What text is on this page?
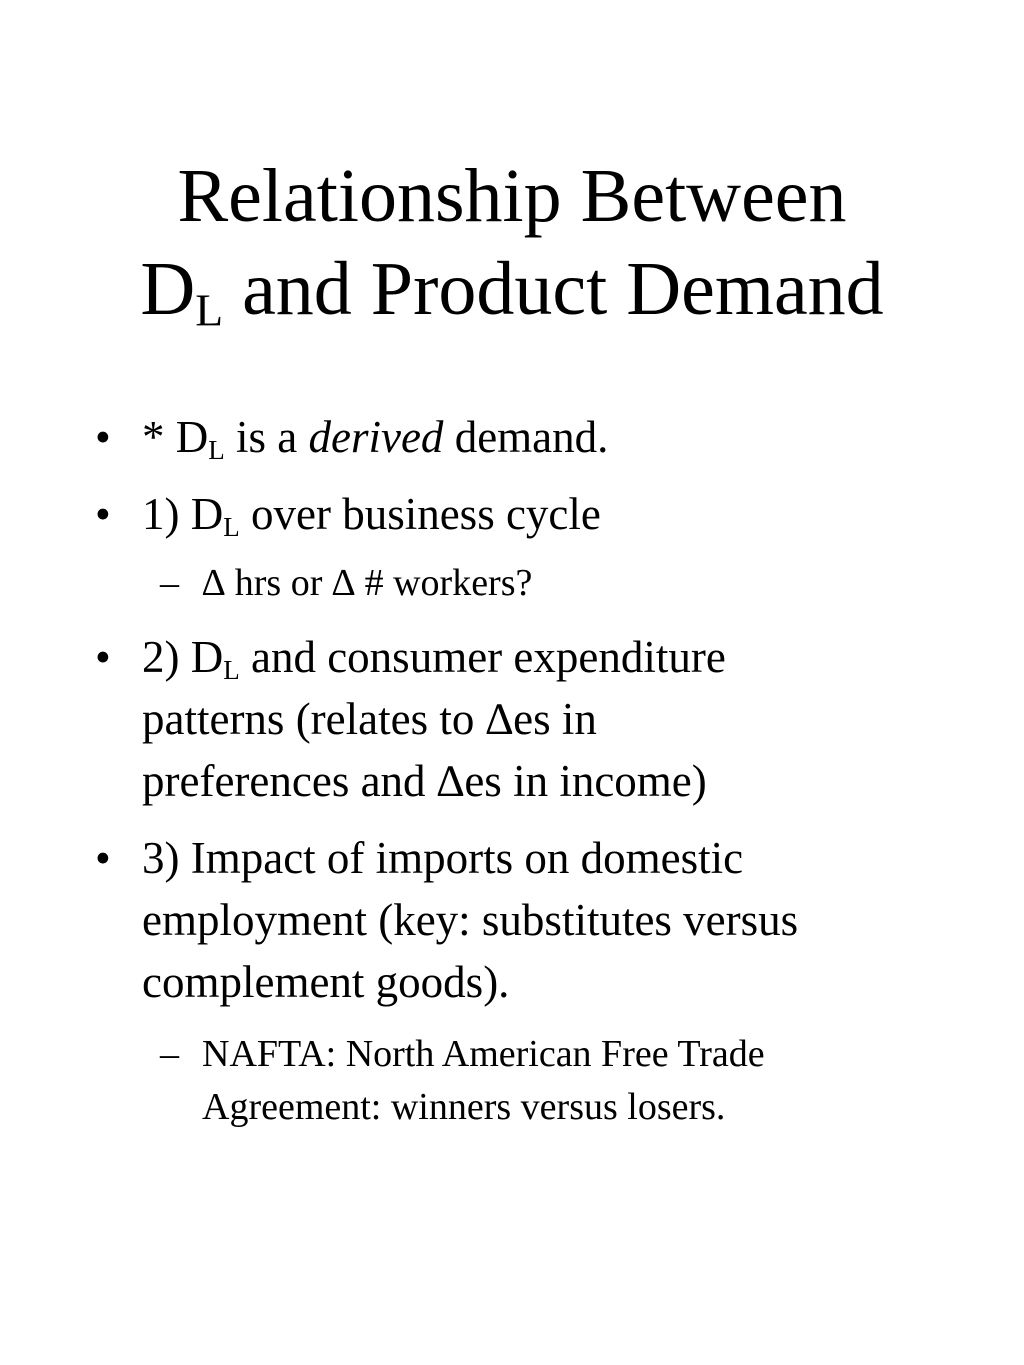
Relationship Between
$D_L$ and Product Demand
• * $D_L$ is a derived demand.
• 1) $D_L$ over business cycle
– ∆ hrs or ∆ # workers?
• 2) $D_L$ and consumer expenditure
patterns (relates to ∆es in
preferences and ∆es in income)
• 3) Impact of imports on domestic
employment (key: substitutes versus
complement goods).
– NAFTA: North American Free Trade
Agreement: winners versus losers.
